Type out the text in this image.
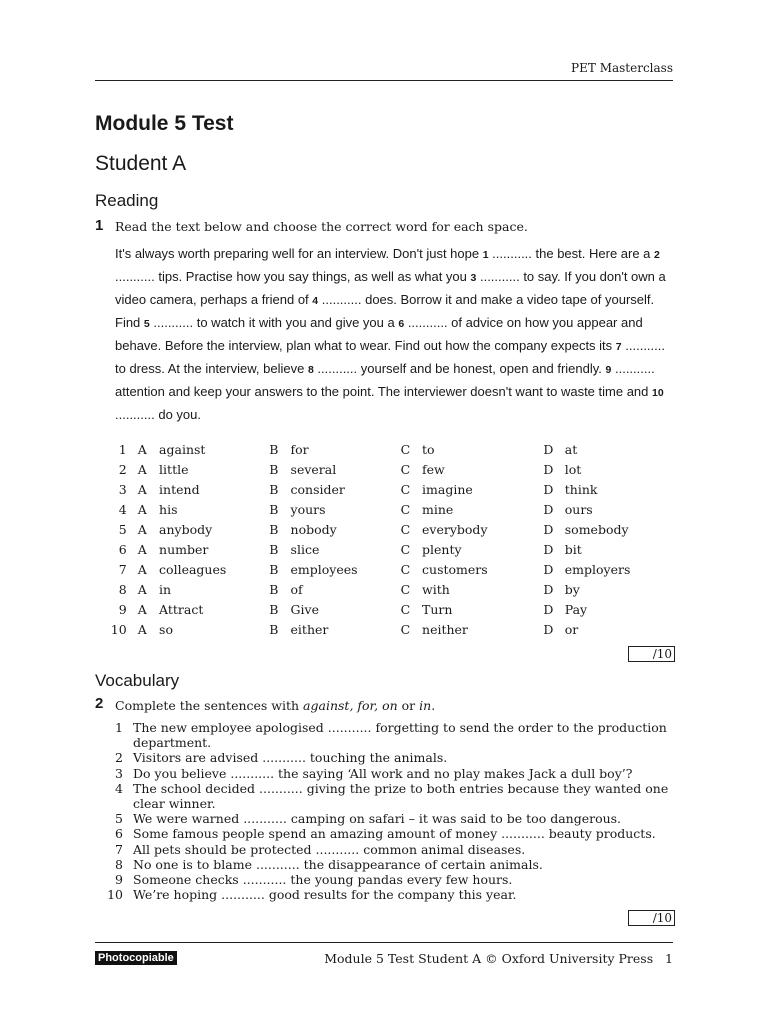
PET Masterclass
Module 5 Test
Student A
Reading
1 Read the text below and choose the correct word for each space.
It's always worth preparing well for an interview. Don't just hope 1 ........... the best. Here are a 2 ........... tips. Practise how you say things, as well as what you 3 ........... to say. If you don't own a video camera, perhaps a friend of 4 ........... does. Borrow it and make a video tape of yourself. Find 5 ........... to watch it with you and give you a 6 ........... of advice on how you appear and behave. Before the interview, plan what to wear. Find out how the company expects its 7 ........... to dress. At the interview, believe 8 ........... yourself and be honest, open and friendly. 9 ........... attention and keep your answers to the point. The interviewer doesn't want to waste time and 10 ........... do you.
1	A	against	B	for	C	to	D	at
2	A	little	B	several	C	few	D	lot
3	A	intend	B	consider	C	imagine	D	think
4	A	his	B	yours	C	mine	D	ours
5	A	anybody	B	nobody	C	everybody	D	somebody
6	A	number	B	slice	C	plenty	D	bit
7	A	colleagues	B	employees	C	customers	D	employers
8	A	in	B	of	C	with	D	by
9	A	Attract	B	Give	C	Turn	D	Pay
10	A	so	B	either	C	neither	D	or
/10
Vocabulary
2 Complete the sentences with against, for, on or in.
1 The new employee apologised ........... forgetting to send the order to the production department.
2 Visitors are advised ........... touching the animals.
3 Do you believe ........... the saying ‘All work and no play makes Jack a dull boy’?
4 The school decided ........... giving the prize to both entries because they wanted one clear winner.
5 We were warned ........... camping on safari – it was said to be too dangerous.
6 Some famous people spend an amazing amount of money ........... beauty products.
7 All pets should be protected ........... common animal diseases.
8 No one is to blame ........... the disappearance of certain animals.
9 Someone checks ........... the young pandas every few hours.
10 We’re hoping ........... good results for the company this year.
/10
Photocopiable	Module 5 Test Student A © Oxford University Press 1
